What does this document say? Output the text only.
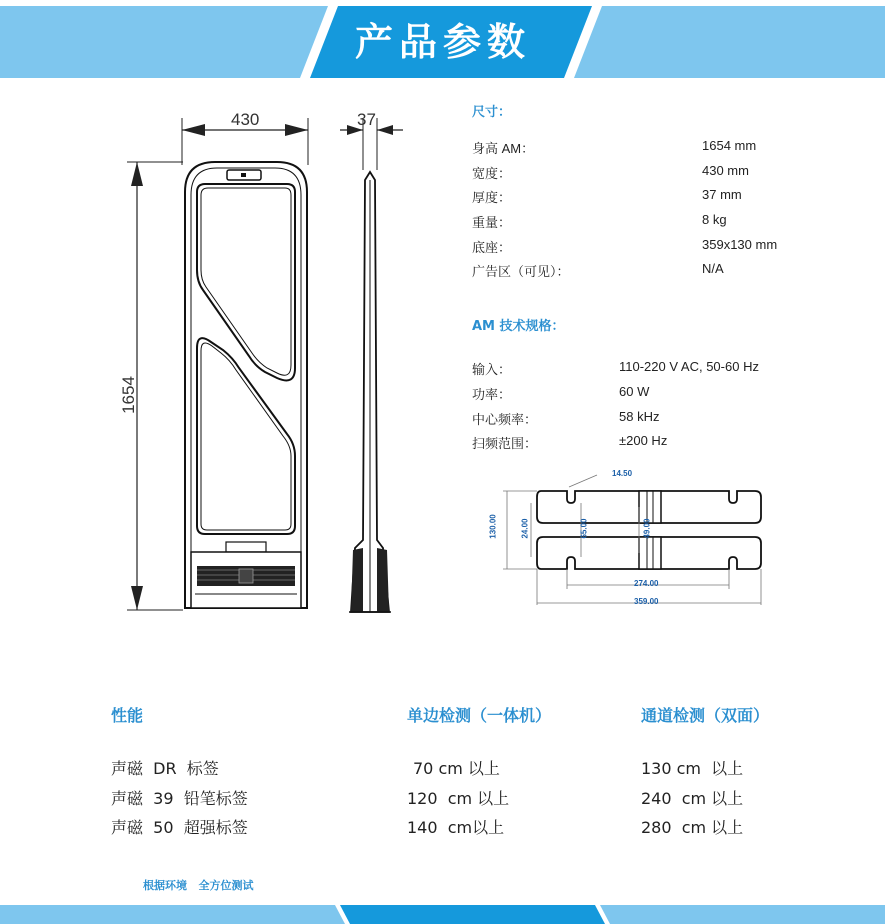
产品参数
430	37
1654
尺寸：
身高 AM：	1654 mm
宽度：	430 mm
厚度：	37 mm
重量：	8 kg
底座：	359x130 mm
广告区（可见）：	N/A
AM 技术规格：
输入：	110-220 V AC, 50-60 Hz
功率：	60 W
中心频率：	58 kHz
扫频范围：	±200 Hz
14.50
130.00	24.00	65.00	49.00
274.00
359.00
性能	单边检测（一体机）	通道检测（双面）
声磁  DR  标签	70 cm 以上	130 cm  以上
声磁  39  铅笔标签	120  cm 以上	240  cm 以上
声磁  50  超强标签	140  cm以上	280  cm 以上
根据环境   全方位测试
